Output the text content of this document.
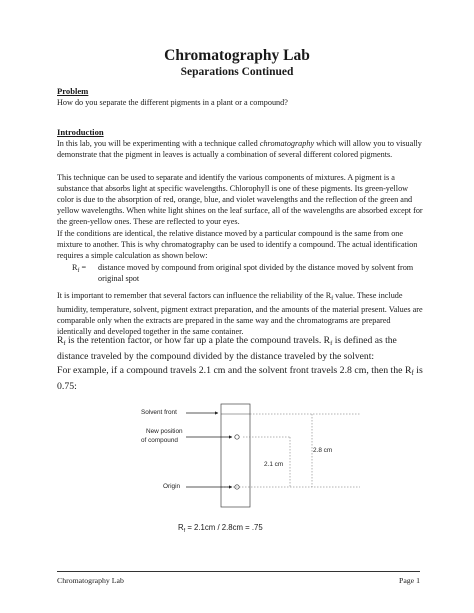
Chromatography Lab
Separations Continued
Problem
How do you separate the different pigments in a plant or a compound?
Introduction
In this lab, you will be experimenting with a technique called chromatography which will allow you to visually demonstrate that the pigment in leaves is actually a combination of several different colored pigments.
This technique can be used to separate and identify the various components of mixtures. A pigment is a substance that absorbs light at specific wavelengths. Chlorophyll is one of these pigments. Its green-yellow color is due to the absorption of red, orange, blue, and violet wavelengths and the reflection of the green and yellow wavelengths. When white light shines on the leaf surface, all of the wavelengths are absorbed except for the green-yellow ones. These are reflected to your eyes.
If the conditions are identical, the relative distance moved by a particular compound is the same from one mixture to another. This is why chromatography can be used to identify a compound. The actual identification requires a simple calculation as shown below:
$R_f$ =	distance moved by compound from original spot divided by the distance moved by solvent from original spot
It is important to remember that several factors can influence the reliability of the $R_f$ value. These include humidity, temperature, solvent, pigment extract preparation, and the amounts of the material present. Values are comparable only when the extracts are prepared in the same way and the chromatograms are prepared identically and developed together in the same container.
$R_f$ is the retention factor, or how far up a plate the compound travels. $R_f$ is defined as the distance traveled by the compound divided by the distance traveled by the solvent:
For example, if a compound travels 2.1 cm and the solvent front travels 2.8 cm, then the $R_f$ is 0.75:
Solvent front
New position
of compound
Origin
2.8 cm
2.1 cm
$R_f = 2.1cm / 2.8cm = .75$
Chromatography Lab	Page 1
